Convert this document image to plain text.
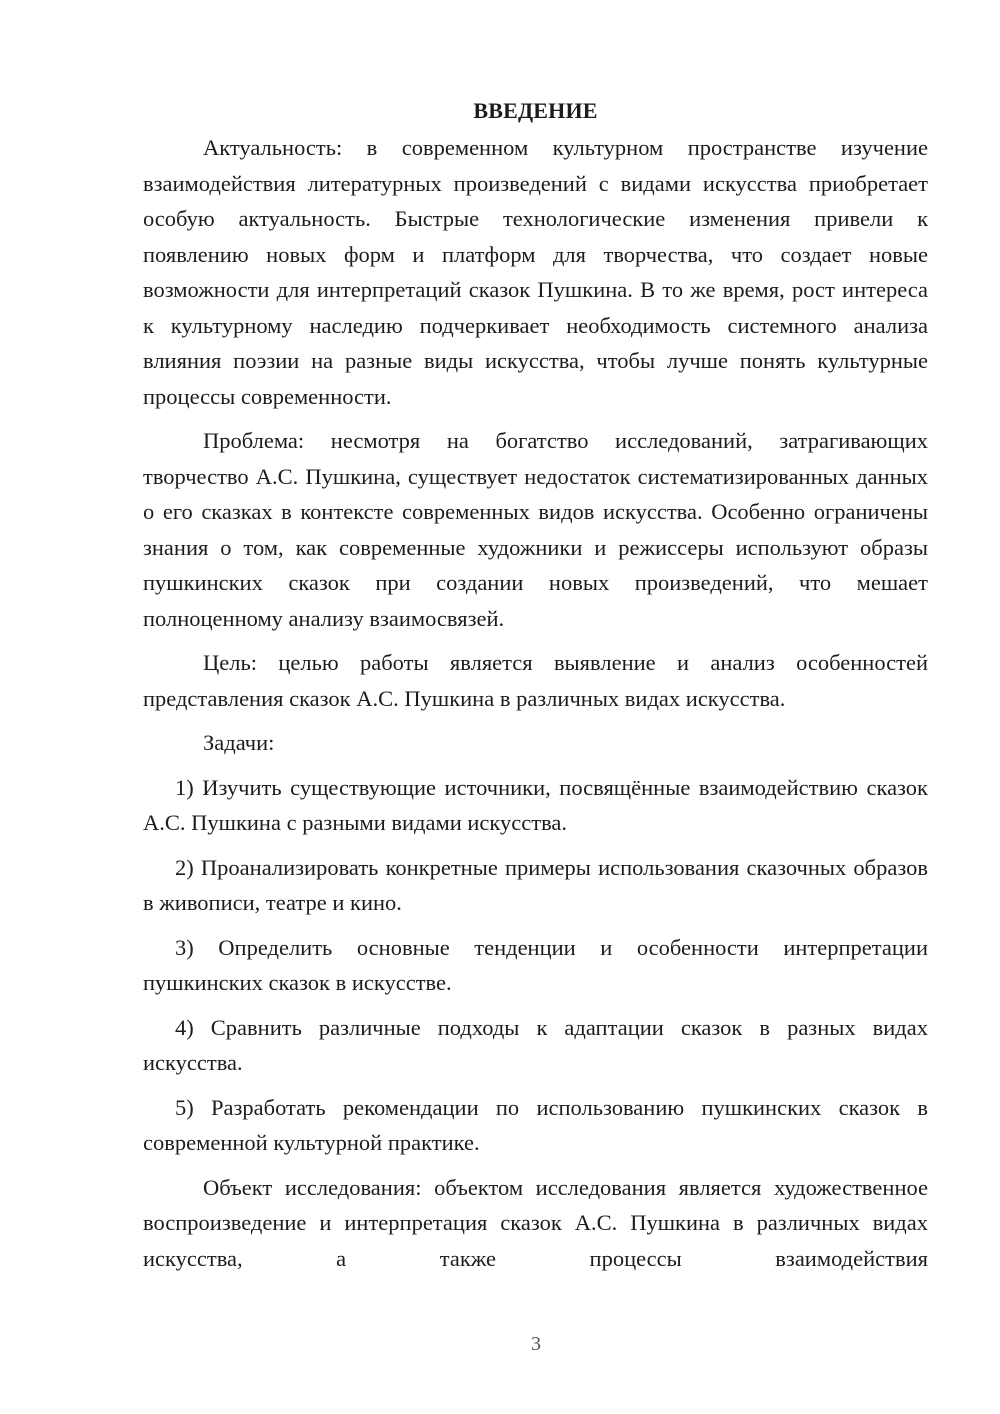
ВВЕДЕНИЕ

Актуальность: в современном культурном пространстве изучение взаимодействия литературных произведений с видами искусства приобретает особую актуальность. Быстрые технологические изменения привели к появлению новых форм и платформ для творчества, что создает новые возможности для интерпретаций сказок Пушкина. В то же время, рост интереса к культурному наследию подчеркивает необходимость системного анализа влияния поэзии на разные виды искусства, чтобы лучше понять культурные процессы современности.

Проблема: несмотря на богатство исследований, затрагивающих творчество А.С. Пушкина, существует недостаток систематизированных данных о его сказках в контексте современных видов искусства. Особенно ограничены знания о том, как современные художники и режиссеры используют образы пушкинских сказок при создании новых произведений, что мешает полноценному анализу взаимосвязей.

Цель: целью работы является выявление и анализ особенностей представления сказок А.С. Пушкина в различных видах искусства.

Задачи:

1) Изучить существующие источники, посвящённые взаимодействию сказок А.С. Пушкина с разными видами искусства.

2) Проанализировать конкретные примеры использования сказочных образов в живописи, театре и кино.

3) Определить основные тенденции и особенности интерпретации пушкинских сказок в искусстве.

4) Сравнить различные подходы к адаптации сказок в разных видах искусства.

5) Разработать рекомендации по использованию пушкинских сказок в современной культурной практике.

Объект исследования: объектом исследования является художественное воспроизведение и интерпретация сказок А.С. Пушкина в различных видах искусства, а также процессы взаимодействия

3
